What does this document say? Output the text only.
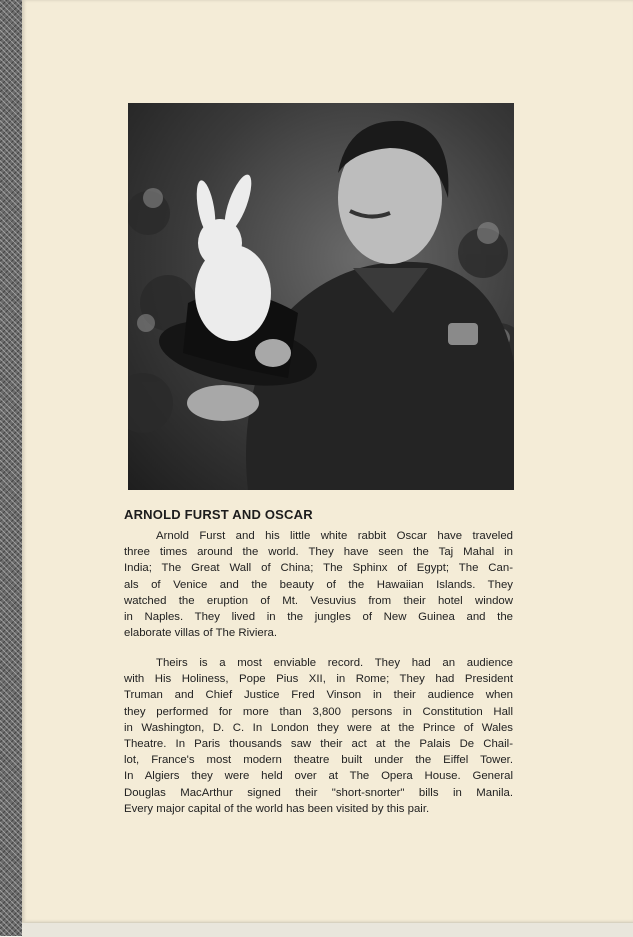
ARNOLD FURST AND OSCAR

Arnold Furst and his little white rabbit Oscar have traveled
three times around the world. They have seen the Taj Mahal in
India; The Great Wall of China; The Sphinx of Egypt; The Can-
als of Venice and the beauty of the Hawaiian Islands. They
watched the eruption of Mt. Vesuvius from their hotel window
in Naples. They lived in the jungles of New Guinea and the
elaborate villas of The Riviera.

Theirs is a most enviable record. They had an audience
with His Holiness, Pope Pius XII, in Rome; They had President
Truman and Chief Justice Fred Vinson in their audience when
they performed for more than 3,800 persons in Constitution Hall
in Washington, D. C. In London they were at the Prince of Wales
Theatre. In Paris thousands saw their act at the Palais De Chail-
lot, France's most modern theatre built under the Eiffel Tower.
In Algiers they were held over at The Opera House. General
Douglas MacArthur signed their "short-snorter" bills in Manila.
Every major capital of the world has been visited by this pair.
